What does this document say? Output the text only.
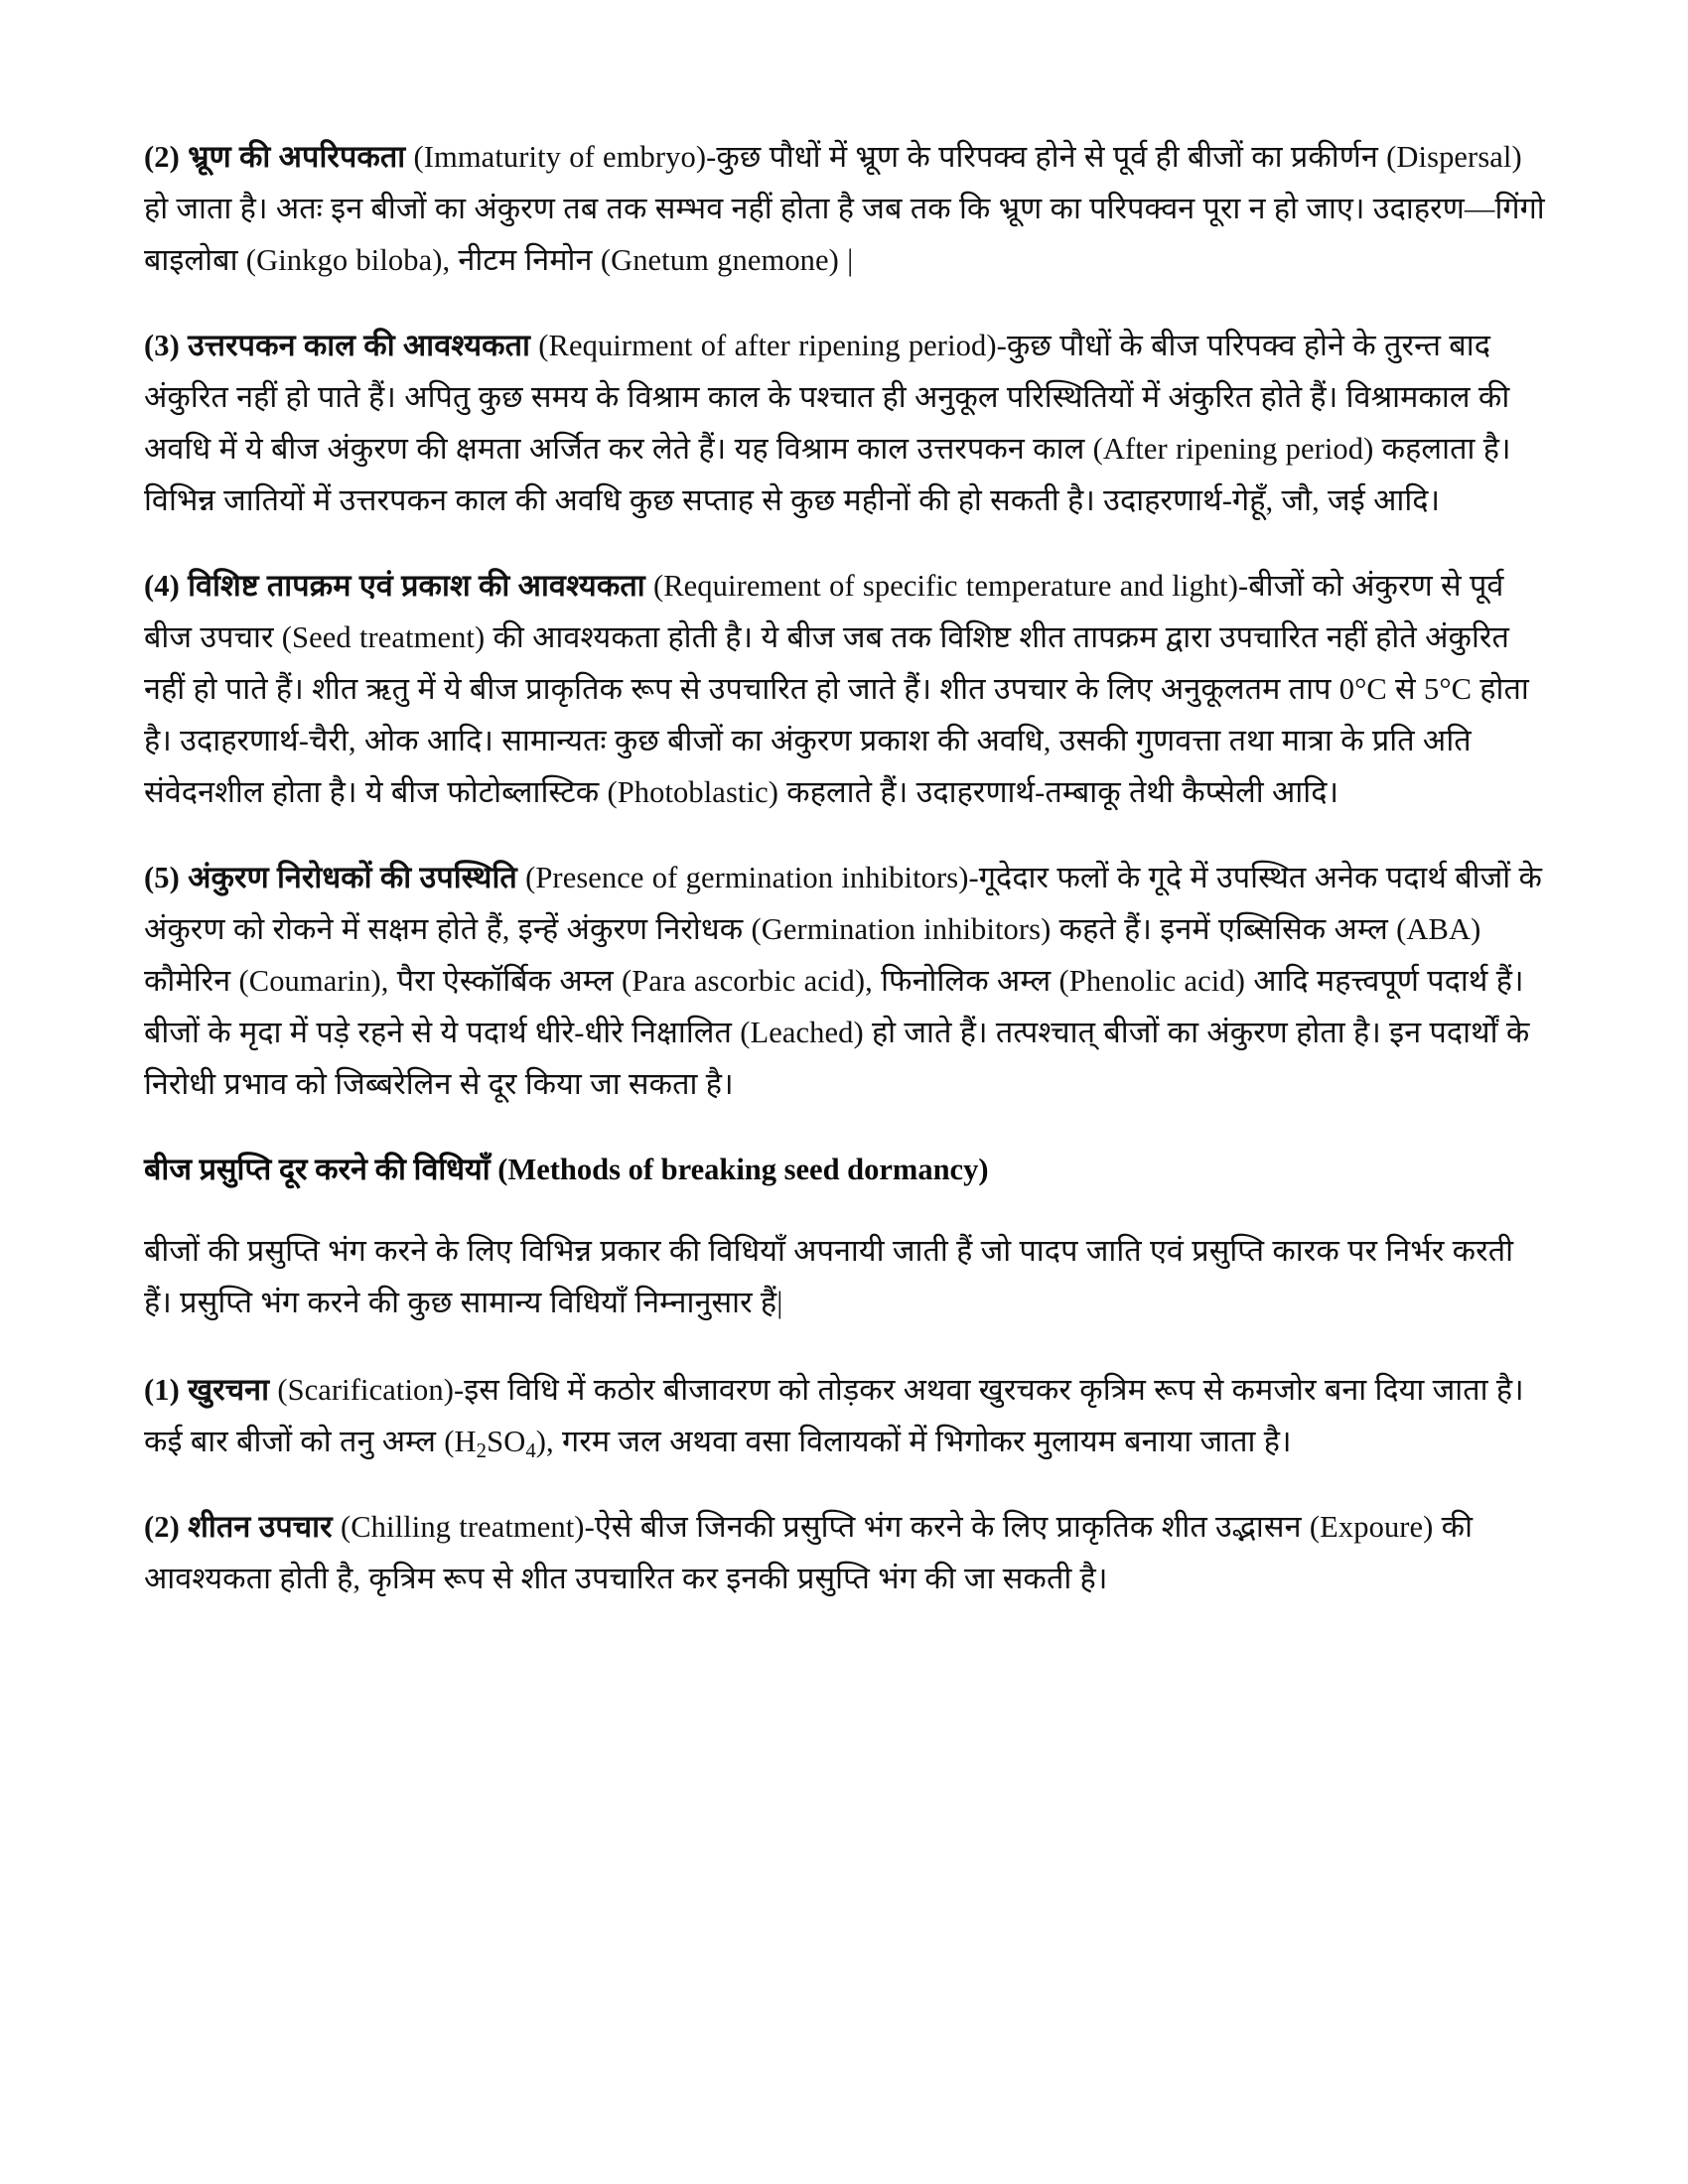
(2) भ्रूण की अपरिपकता (Immaturity of embryo)-कुछ पौधों में भ्रूण के परिपक्व होने से पूर्व ही बीजों का प्रकीर्णन (Dispersal) हो जाता है। अतः इन बीजों का अंकुरण तब तक सम्भव नहीं होता है जब तक कि भ्रूण का परिपक्वन पूरा न हो जाए। उदाहरण—गिंगो बाइलोबा (Ginkgo biloba), नीटम निमोन (Gnetum gnemone) |

(3) उत्तरपकन काल की आवश्यकता (Requirment of after ripening period)-कुछ पौधों के बीज परिपक्व होने के तुरन्त बाद अंकुरित नहीं हो पाते हैं। अपितु कुछ समय के विश्राम काल के पश्चात ही अनुकूल परिस्थितियों में अंकुरित होते हैं। विश्रामकाल की अवधि में ये बीज अंकुरण की क्षमता अर्जित कर लेते हैं। यह विश्राम काल उत्तरपकन काल (After ripening period) कहलाता है। विभिन्न जातियों में उत्तरपकन काल की अवधि कुछ सप्ताह से कुछ महीनों की हो सकती है। उदाहरणार्थ-गेहूँ, जौ, जई आदि।

(4) विशिष्ट तापक्रम एवं प्रकाश की आवश्यकता (Requirement of specific temperature and light)-बीजों को अंकुरण से पूर्व बीज उपचार (Seed treatment) की आवश्यकता होती है। ये बीज जब तक विशिष्ट शीत तापक्रम द्वारा उपचारित नहीं होते अंकुरित नहीं हो पाते हैं। शीत ऋतु में ये बीज प्राकृतिक रूप से उपचारित हो जाते हैं। शीत उपचार के लिए अनुकूलतम ताप 0°C से 5°C होता है। उदाहरणार्थ-चैरी, ओक आदि। सामान्यतः कुछ बीजों का अंकुरण प्रकाश की अवधि, उसकी गुणवत्ता तथा मात्रा के प्रति अति संवेदनशील होता है। ये बीज फोटोब्लास्टिक (Photoblastic) कहलाते हैं। उदाहरणार्थ-तम्बाकू तेथी कैप्सेली आदि।

(5) अंकुरण निरोधकों की उपस्थिति (Presence of germination inhibitors)-गूदेदार फलों के गूदे में उपस्थित अनेक पदार्थ बीजों के अंकुरण को रोकने में सक्षम होते हैं, इन्हें अंकुरण निरोधक (Germination inhibitors) कहते हैं। इनमें एब्सिसिक अम्ल (ABA) कौमेरिन (Coumarin), पैरा ऐस्कॉर्बिक अम्ल (Para ascorbic acid), फिनोलिक अम्ल (Phenolic acid) आदि महत्त्वपूर्ण पदार्थ हैं। बीजों के मृदा में पड़े रहने से ये पदार्थ धीरे-धीरे निक्षालित (Leached) हो जाते हैं। तत्पश्चात् बीजों का अंकुरण होता है। इन पदार्थों के निरोधी प्रभाव को जिब्बरेलिन से दूर किया जा सकता है।

बीज प्रसुप्ति दूर करने की विधियाँ (Methods of breaking seed dormancy)

बीजों की प्रसुप्ति भंग करने के लिए विभिन्न प्रकार की विधियाँ अपनायी जाती हैं जो पादप जाति एवं प्रसुप्ति कारक पर निर्भर करती हैं। प्रसुप्ति भंग करने की कुछ सामान्य विधियाँ निम्नानुसार हैं|

(1) खुरचना (Scarification)-इस विधि में कठोर बीजावरण को तोड़कर अथवा खुरचकर कृत्रिम रूप से कमजोर बना दिया जाता है। कई बार बीजों को तनु अम्ल $(H_2SO_4)$, गरम जल अथवा वसा विलायकों में भिगोकर मुलायम बनाया जाता है।

(2) शीतन उपचार (Chilling treatment)-ऐसे बीज जिनकी प्रसुप्ति भंग करने के लिए प्राकृतिक शीत उद्भासन (Expoure) की आवश्यकता होती है, कृत्रिम रूप से शीत उपचारित कर इनकी प्रसुप्ति भंग की जा सकती है।
